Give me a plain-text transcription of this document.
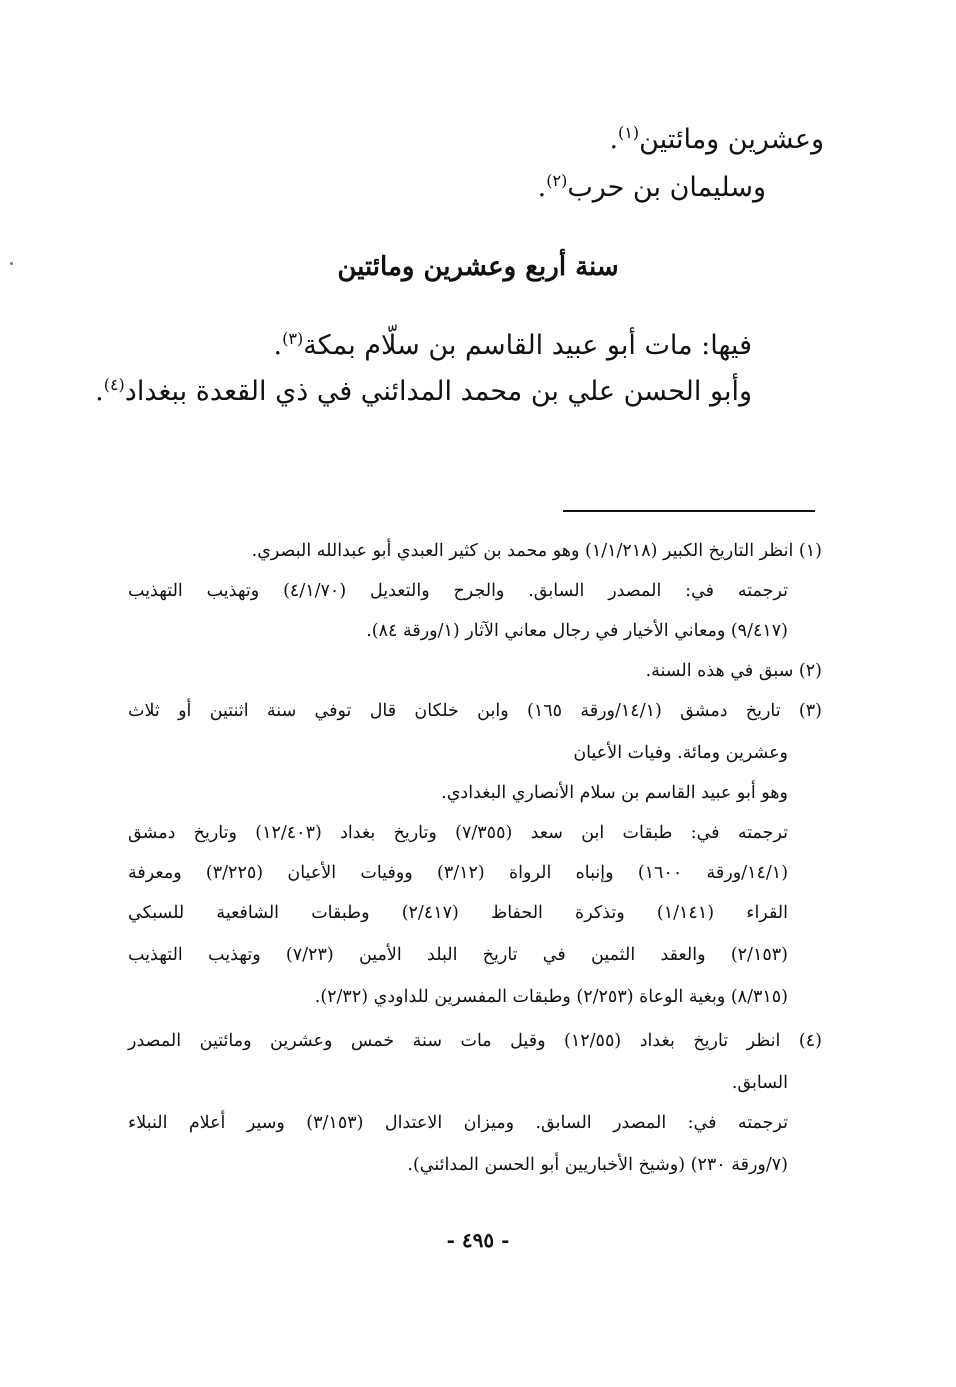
وعشرين ومائتين$^{(١)}$.
وسليمان بن حرب$^{(٢)}$.
سنة أربع وعشرين ومائتين
فيها: مات أبو عبيد القاسم بن سلّام بمكة$^{(٣)}$.
وأبو الحسن علي بن محمد المدائني في ذي القعدة ببغداد$^{(٤)}$.
(١) انظر التاريخ الكبير (١/١/٢١٨) وهو محمد بن كثير العبدي أبو عبدالله البصري.
ترجمته في: المصدر السابق. والجرح والتعديل (٤/١/٧٠) وتهذيب التهذيب
(٩/٤١٧) ومعاني الأخيار في رجال معاني الآثار (١/ورقة ٨٤).
(٢) سبق في هذه السنة.
(٣) تاريخ دمشق (١٤/١/ورقة ١٦٥) وابن خلكان قال توفي سنة اثنتين أو ثلاث
وعشرين ومائة. وفيات الأعيان
وهو أبو عبيد القاسم بن سلام الأنصاري البغدادي.
ترجمته في: طبقات ابن سعد (٧/٣٥٥) وتاريخ بغداد (١٢/٤٠٣) وتاريخ دمشق
(١٤/١/ورقة ١٦٠٠) وإنباه الرواة (٣/١٢) ووفيات الأعيان (٣/٢٢٥) ومعرفة
القراء (١/١٤١) وتذكرة الحفاظ (٢/٤١٧) وطبقات الشافعية للسبكي
(٢/١٥٣) والعقد الثمين في تاريخ البلد الأمين (٧/٢٣) وتهذيب التهذيب
(٨/٣١٥) وبغية الوعاة (٢/٢٥٣) وطبقات المفسرين للداودي (٢/٣٢).
(٤) انظر تاريخ بغداد (١٢/٥٥) وقيل مات سنة خمس وعشرين ومائتين المصدر
السابق.
ترجمته في: المصدر السابق. وميزان الاعتدال (٣/١٥٣) وسير أعلام النبلاء
(٧/ورقة ٢٣٠) (وشيخ الأخباريين أبو الحسن المدائني).
- ٤٩٥ -
